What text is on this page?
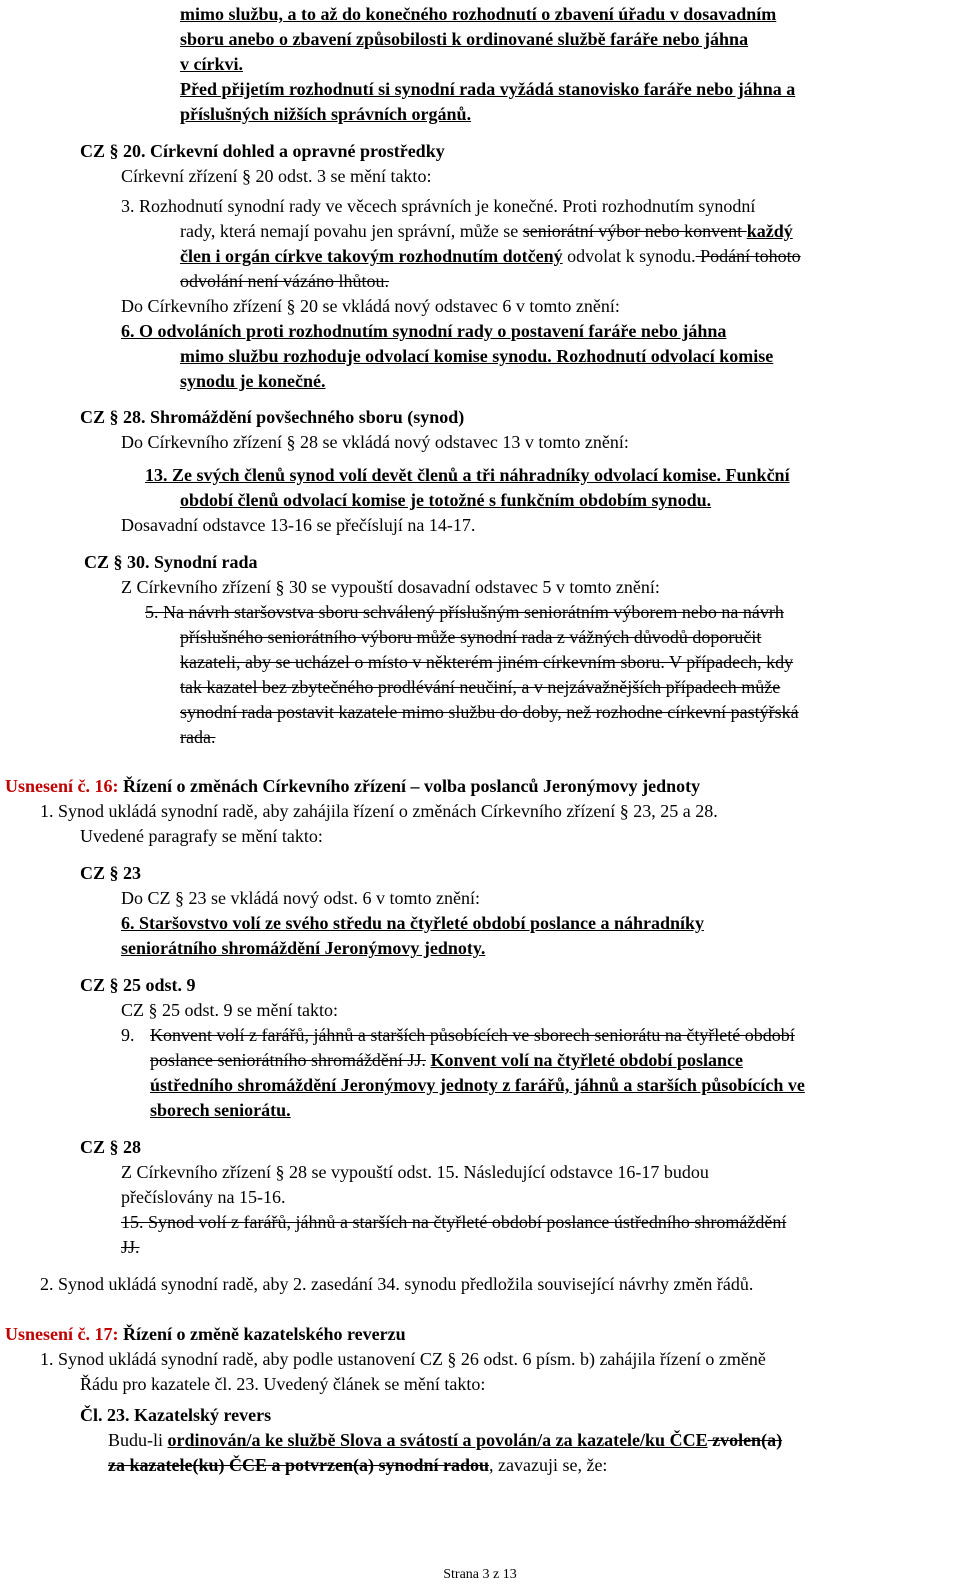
mimo službu, a to až do konečného rozhodnutí o zbavení úřadu v dosavadním
sboru anebo o zbavení způsobilosti k ordinované službě faráře nebo jáhna
v církvi.
Před přijetím rozhodnutí si synodní rada vyžádá stanovisko faráře nebo jáhna a
příslušných nižších správních orgánů.
CZ § 20. Církevní dohled a opravné prostředky
Církevní zřízení § 20 odst. 3 se mění takto:
3. Rozhodnutí synodní rady ve věcech správních je konečné. Proti rozhodnutím synodní
rady, která nemají povahu jen správní, může se seniorátní výbor nebo konvent každý
člen i orgán církve takovým rozhodnutím dotčený odvolat k synodu. Podání tohoto
odvolání není vázáno lhůtou.
Do Církevního zřízení § 20 se vkládá nový odstavec 6 v tomto znění:
6. O odvoláních proti rozhodnutím synodní rady o postavení faráře nebo jáhna
mimo službu rozhoduje odvolací komise synodu. Rozhodnutí odvolací komise
synodu je konečné.
CZ § 28. Shromáždění povšechného sboru (synod)
Do Církevního zřízení § 28 se vkládá nový odstavec 13 v tomto znění:
13. Ze svých členů synod volí devět členů a tři náhradníky odvolací komise. Funkční
období členů odvolací komise je totožné s funkčním obdobím synodu.
Dosavadní odstavce 13-16 se přečíslují na 14-17.
CZ § 30. Synodní rada
Z Církevního zřízení § 30 se vypouští dosavadní odstavec 5 v tomto znění:
5. Na návrh staršovstva sboru schválený příslušným seniorátním výborem nebo na návrh
příslušného seniorátního výboru může synodní rada z vážných důvodů doporučit
kazateli, aby se ucházel o místo v některém jiném církevním sboru. V případech, kdy
tak kazatel bez zbytečného prodlévání neučiní, a v nejzávažnějších případech může
synodní rada postavit kazatele mimo službu do doby, než rozhodne církevní pastýřská
rada.
Usnesení č. 16: Řízení o změnách Církevního zřízení – volba poslanců Jeronýmovy jednoty
1. Synod ukládá synodní radě, aby zahájila řízení o změnách Církevního zřízení § 23, 25 a 28.
Uvedené paragrafy se mění takto:
CZ § 23
Do CZ § 23 se vkládá nový odst. 6 v tomto znění:
6. Staršovstvo volí ze svého středu na čtyřleté období poslance a náhradníky
seniorátního shromáždění Jeronýmovy jednoty.
CZ § 25 odst. 9
CZ § 25 odst. 9 se mění takto:
9. Konvent volí z farářů, jáhnů a starších působících ve sborech seniorátu na čtyřleté období
poslance seniorátního shromáždění JJ. Konvent volí na čtyřleté období poslance
ústředního shromáždění Jeronýmovy jednoty z farářů, jáhnů a starších působících ve
sborech seniorátu.
CZ § 28
Z Církevního zřízení § 28 se vypouští odst. 15. Následující odstavce 16-17 budou
přečíslovány na 15-16.
15. Synod volí z farářů, jáhnů a starších na čtyřleté období poslance ústředního shromáždění
JJ.
2. Synod ukládá synodní radě, aby 2. zasedání 34. synodu předložila související návrhy změn řádů.
Usnesení č. 17: Řízení o změně kazatelského reverzu
1. Synod ukládá synodní radě, aby podle ustanovení CZ § 26 odst. 6 písm. b) zahájila řízení o změně
Řádu pro kazatele čl. 23. Uvedený článek se mění takto:
Čl. 23. Kazatelský revers
Budu-li ordinován/a ke službě Slova a svátostí a povolán/a za kazatele/ku ČCE zvolen(a)
za kazatele(ku) ČCE a potvrzen(a) synodní radou, zavazuji se, že:
Strana 3 z 13
